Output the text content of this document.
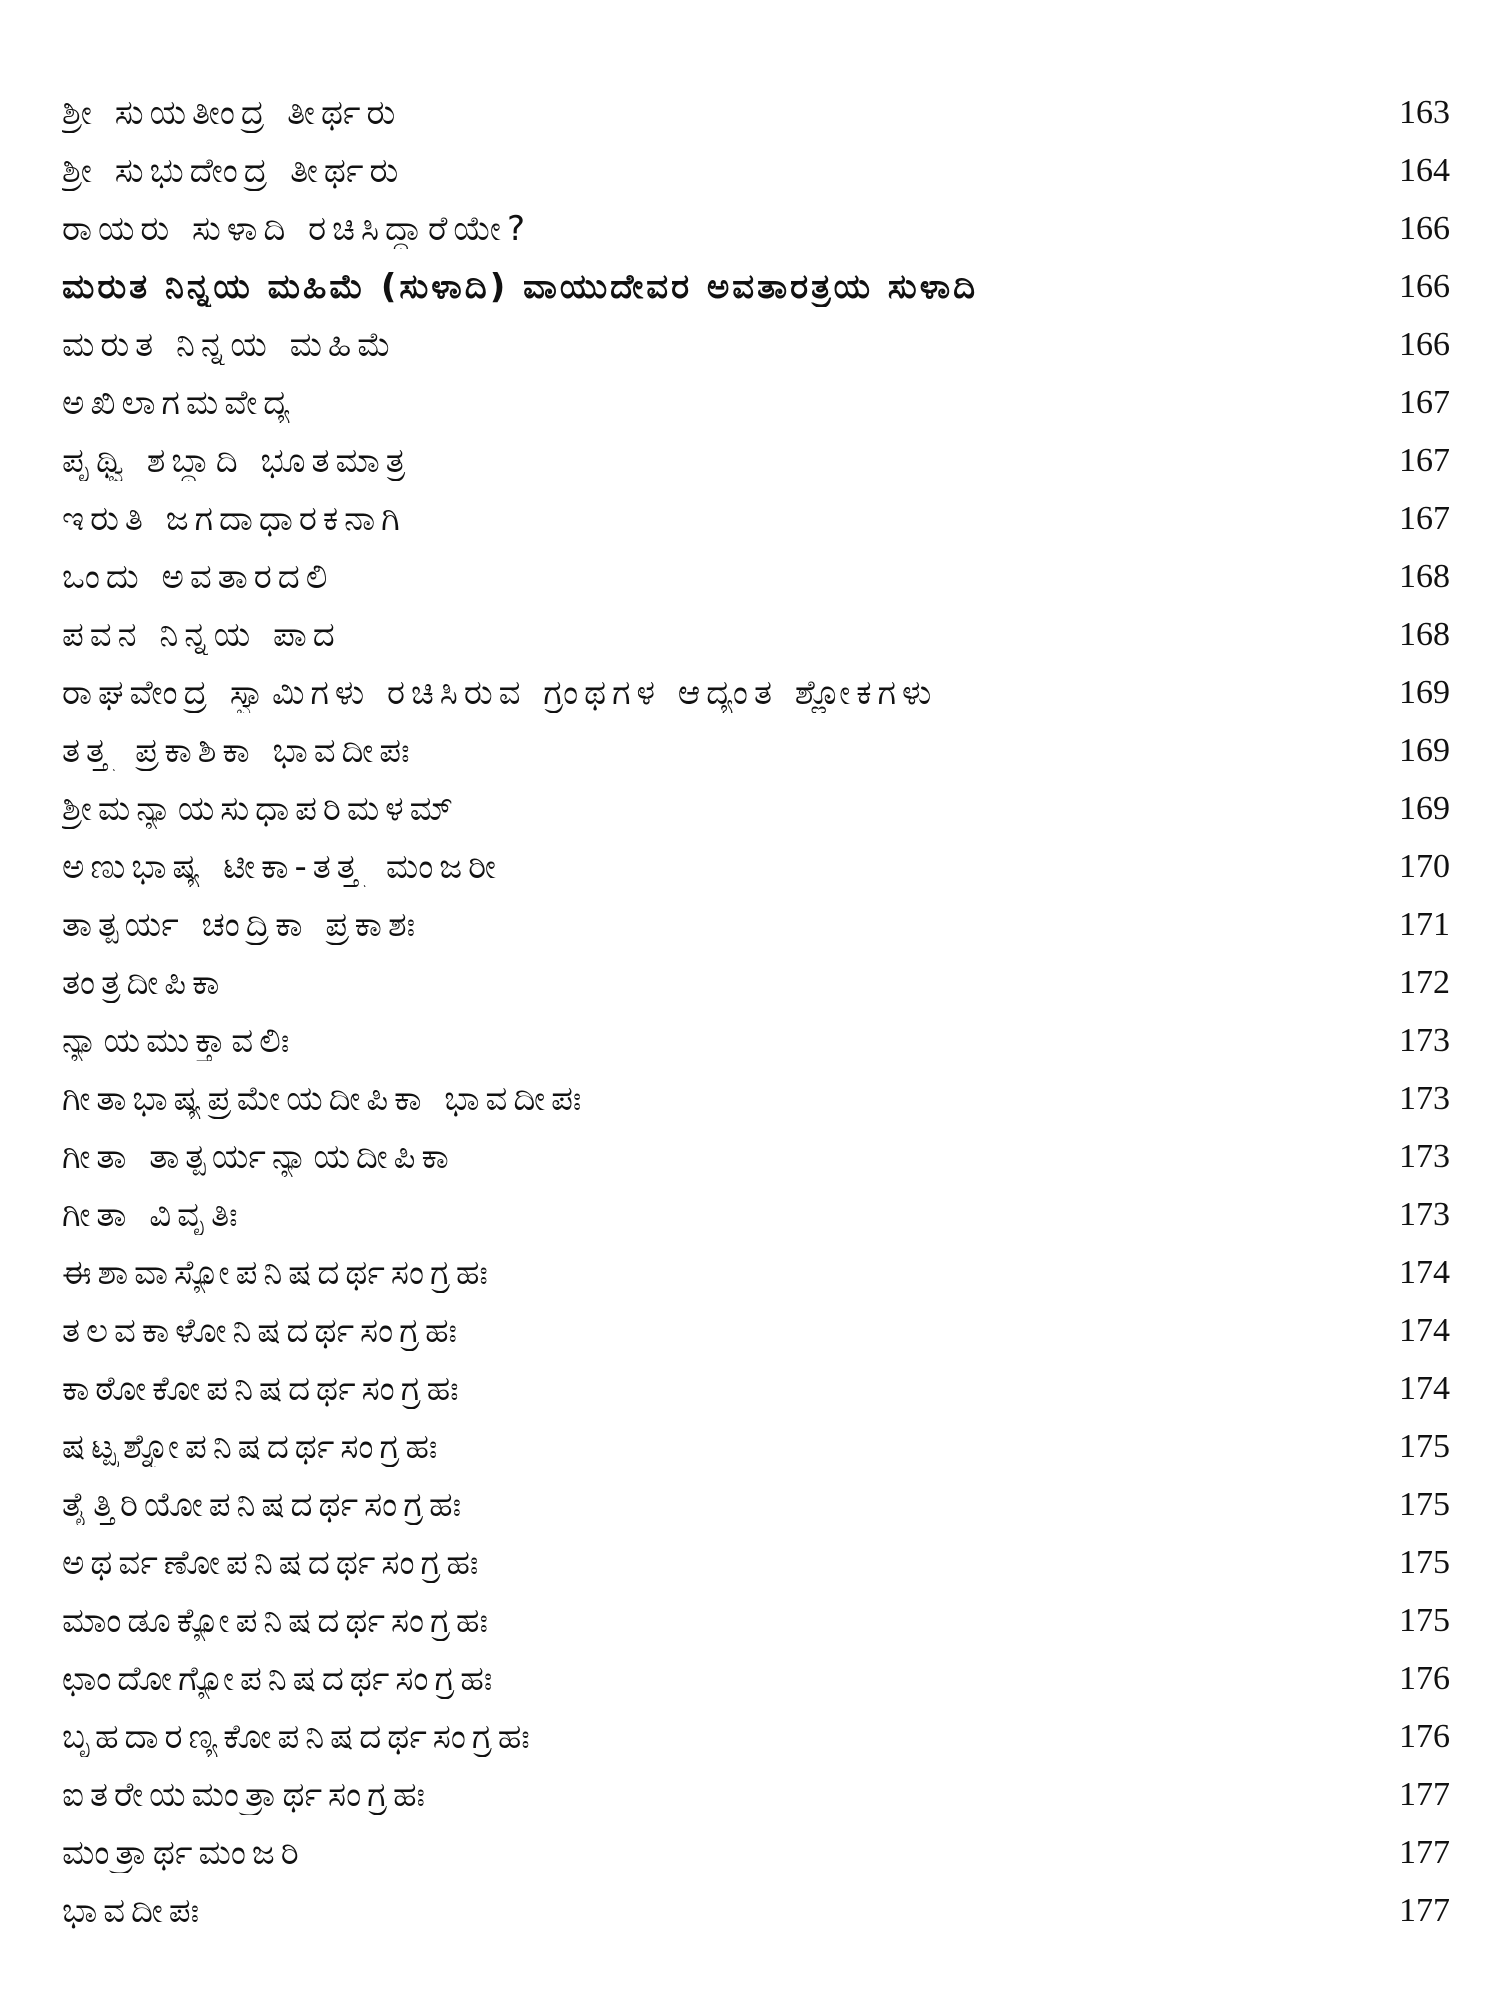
ಶ್ರೀ ಸುಯತೀಂದ್ರ ತೀರ್ಥರು	163
ಶ್ರೀ ಸುಭುದೇಂದ್ರ ತೀರ್ಥರು	164
ರಾಯರು ಸುಳಾದಿ ರಚಿಸಿದ್ದಾರೆಯೇ?	166
ಮರುತ ನಿನ್ನಯ ಮಹಿಮೆ (ಸುಳಾದಿ) ವಾಯುದೇವರ ಅವತಾರತ್ರಯ ಸುಳಾದಿ	166
ಮರುತ ನಿನ್ನಯ ಮಹಿಮೆ	166
ಅಖಿಲಾಗಮವೇದ್ಯ	167
ಪೃಥ್ವಿ ಶಬ್ದಾದಿ ಭೂತಮಾತ್ರ	167
ಇರುತಿ ಜಗದಾಧಾರಕನಾಗಿ	167
ಒಂದು ಅವತಾರದಲಿ	168
ಪವನ ನಿನ್ನಯ ಪಾದ	168
ರಾಘವೇಂದ್ರ ಸ್ವಾಮಿಗಳು ರಚಿಸಿರುವ ಗ್ರಂಥಗಳ ಆದ್ಯಂತ ಶ್ಲೋಕಗಳು	169
ತತ್ತ್ವ ಪ್ರಕಾಶಿಕಾ ಭಾವದೀಪಃ	169
ಶ್ರೀಮನ್ಯಾಯಸುಧಾಪರಿಮಳಮ್	169
ಅಣುಭಾಷ್ಯ ಟೀಕಾ-ತತ್ತ್ವ ಮಂಜರೀ	170
ತಾತ್ಪರ್ಯ ಚಂದ್ರಿಕಾ ಪ್ರಕಾಶಃ	171
ತಂತ್ರದೀಪಿಕಾ	172
ನ್ಯಾಯಮುಕ್ತಾವಲಿಃ	173
ಗೀತಾಭಾಷ್ಯಪ್ರಮೇಯದೀಪಿಕಾ ಭಾವದೀಪಃ	173
ಗೀತಾ ತಾತ್ಪರ್ಯನ್ಯಾಯದೀಪಿಕಾ	173
ಗೀತಾ ವಿವೃತಿಃ	173
ಈಶಾವಾಸ್ಯೋಪನಿಷದರ್ಥಸಂಗ್ರಹಃ	174
ತಲವಕಾಳೋನಿಷದರ್ಥಸಂಗ್ರಹಃ	174
ಕಾಠೋಕೋಪನಿಷದರ್ಥಸಂಗ್ರಹಃ	174
ಷಟ್ಪ್ರಶ್ನೋಪನಿಷದರ್ಥಸಂಗ್ರಹಃ	175
ತೈತ್ತಿರಿಯೋಪನಿಷದರ್ಥಸಂಗ್ರಹಃ	175
ಅಥರ್ವಣೋಪನಿಷದರ್ಥಸಂಗ್ರಹಃ	175
ಮಾಂಡೂಕ್ಯೋಪನಿಷದರ್ಥಸಂಗ್ರಹಃ	175
ಛಾಂದೋಗ್ಯೋಪನಿಷದರ್ಥಸಂಗ್ರಹಃ	176
ಬೃಹದಾರಣ್ಯಕೋಪನಿಷದರ್ಥಸಂಗ್ರಹಃ	176
ಐತರೇಯಮಂತ್ರಾರ್ಥಸಂಗ್ರಹಃ	177
ಮಂತ್ರಾರ್ಥಮಂಜರಿ	177
ಭಾವದೀಪಃ	177
